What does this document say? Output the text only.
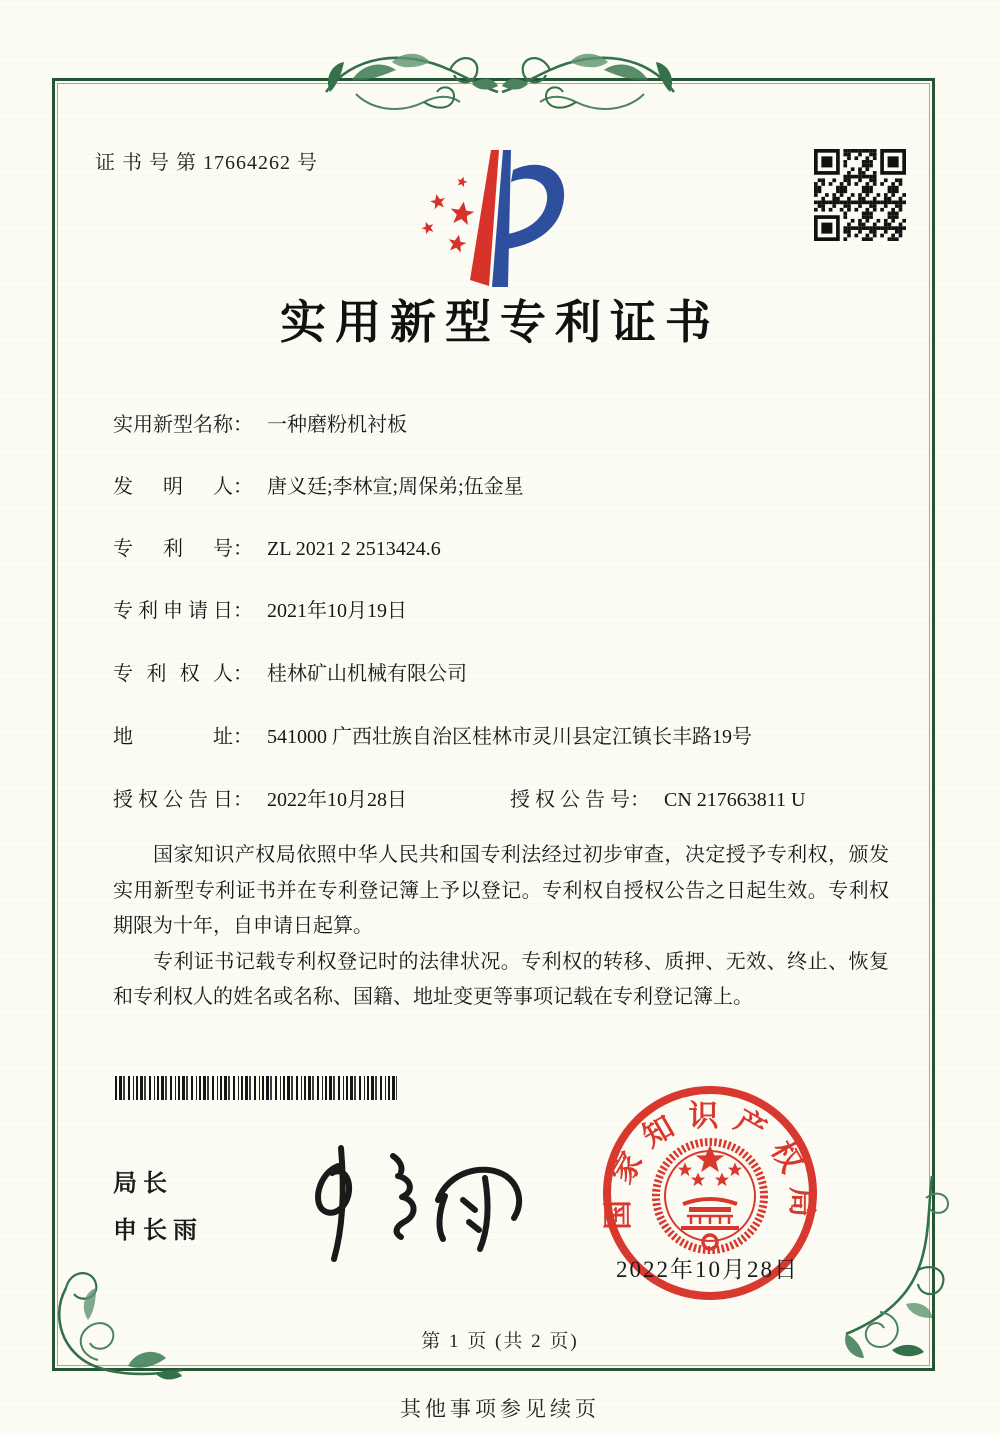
证 书 号 第 17664262 号
实用新型专利证书
实 用 新 型 名 称 ： 一种磨粉机衬板
发 明 人 ： 唐义廷;李林宣;周保弟;伍金星
专 利 号 ： ZL 2021 2 2513424.6
专 利 申 请 日 ： 2021年10月19日
专 利 权 人 ： 桂林矿山机械有限公司
地	址 ： 541000 广西壮族自治区桂林市灵川县定江镇长丰路19号
授 权 公 告 日 ： 2022年10月28日	授 权 公 告 号 ： CN 217663811 U

国家知识产权局依照中华人民共和国专利法经过初步审查，决定授予专利权，颁发实用新型专利证书并在专利登记簿上予以登记。专利权自授权公告之日起生效。专利权期限为十年，自申请日起算。

专利证书记载专利权登记时的法律状况。专利权的转移、质押、无效、终止、恢复和专利权人的姓名或名称、国籍、地址变更等事项记载在专利登记簿上。

局长
申长雨
国家知识产权局
2022年10月28日
第 1 页 (共 2 页)
其他事项参见续页
